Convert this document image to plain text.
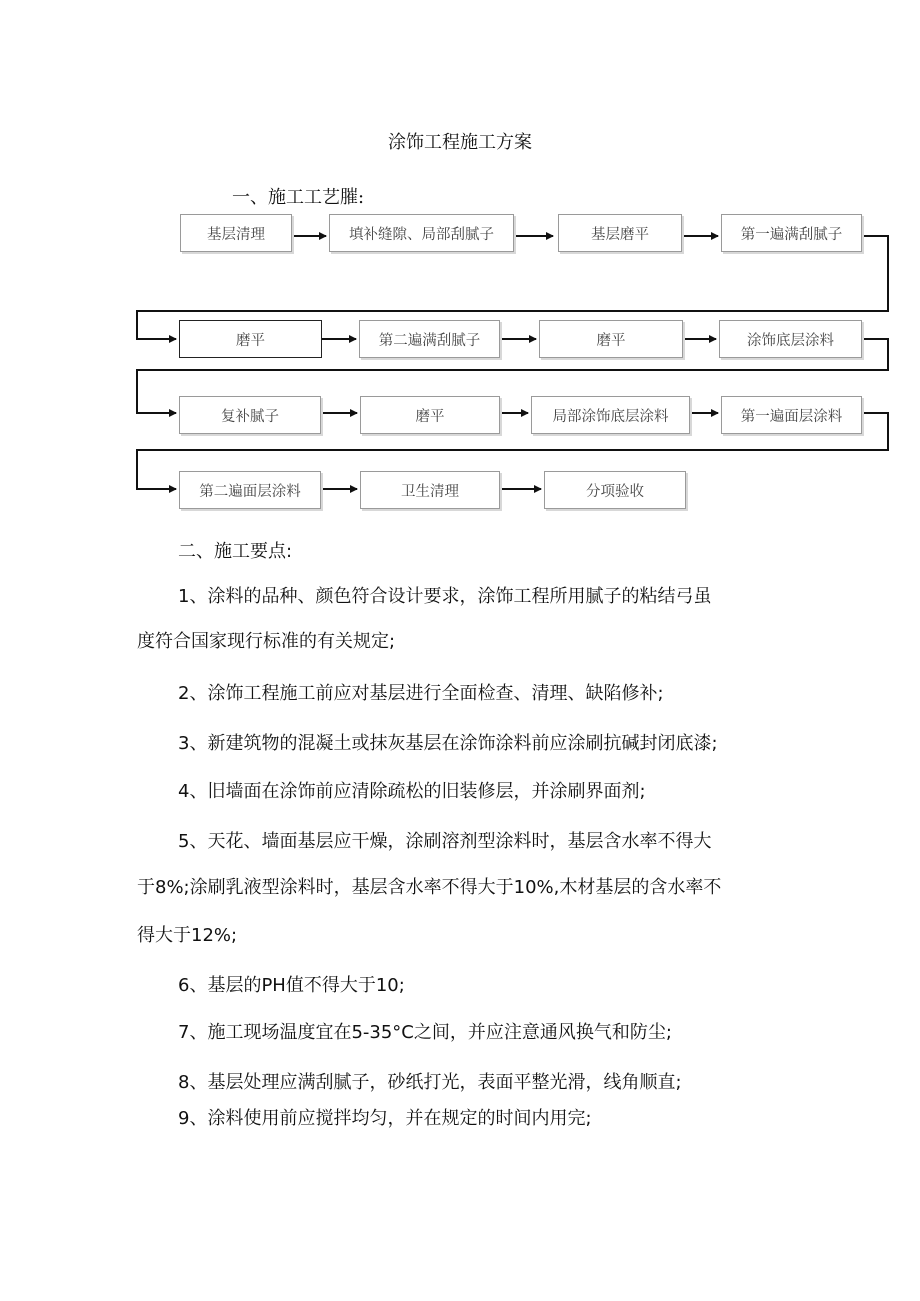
涂饰工程施工方案
一、施工工艺膗:
基层清理	填补缝隙、局部刮腻子	基层磨平	第一遍满刮腻子
磨平	第二遍满刮腻子	磨平	涂饰底层涂料
复补腻子	磨平	局部涂饰底层涂料	第一遍面层涂料
第二遍面层涂料	卫生清理	分项验收
二、施工要点:
1、涂料的品种、颜色符合设计要求，涂饰工程所用腻子的粘结弓虽
度符合国家现行标准的有关规定;
2、涂饰工程施工前应对基层进行全面检查、清理、缺陷修补;
3、新建筑物的混凝土或抹灰基层在涂饰涂料前应涂刷抗碱封闭底漆;
4、旧墙面在涂饰前应清除疏松的旧装修层，并涂刷界面剂;
5、天花、墙面基层应干燥，涂刷溶剂型涂料时，基层含水率不得大
于8%;涂刷乳液型涂料时，基层含水率不得大于10%,木材基层的含水率不
得大于12%;
6、基层的PH值不得大于10;
7、施工现场温度宜在5-35°C之间，并应注意通风换气和防尘;
8、基层处理应满刮腻子，砂纸打光，表面平整光滑，线角顺直;
9、涂料使用前应搅拌均匀，并在规定的时间内用完;
